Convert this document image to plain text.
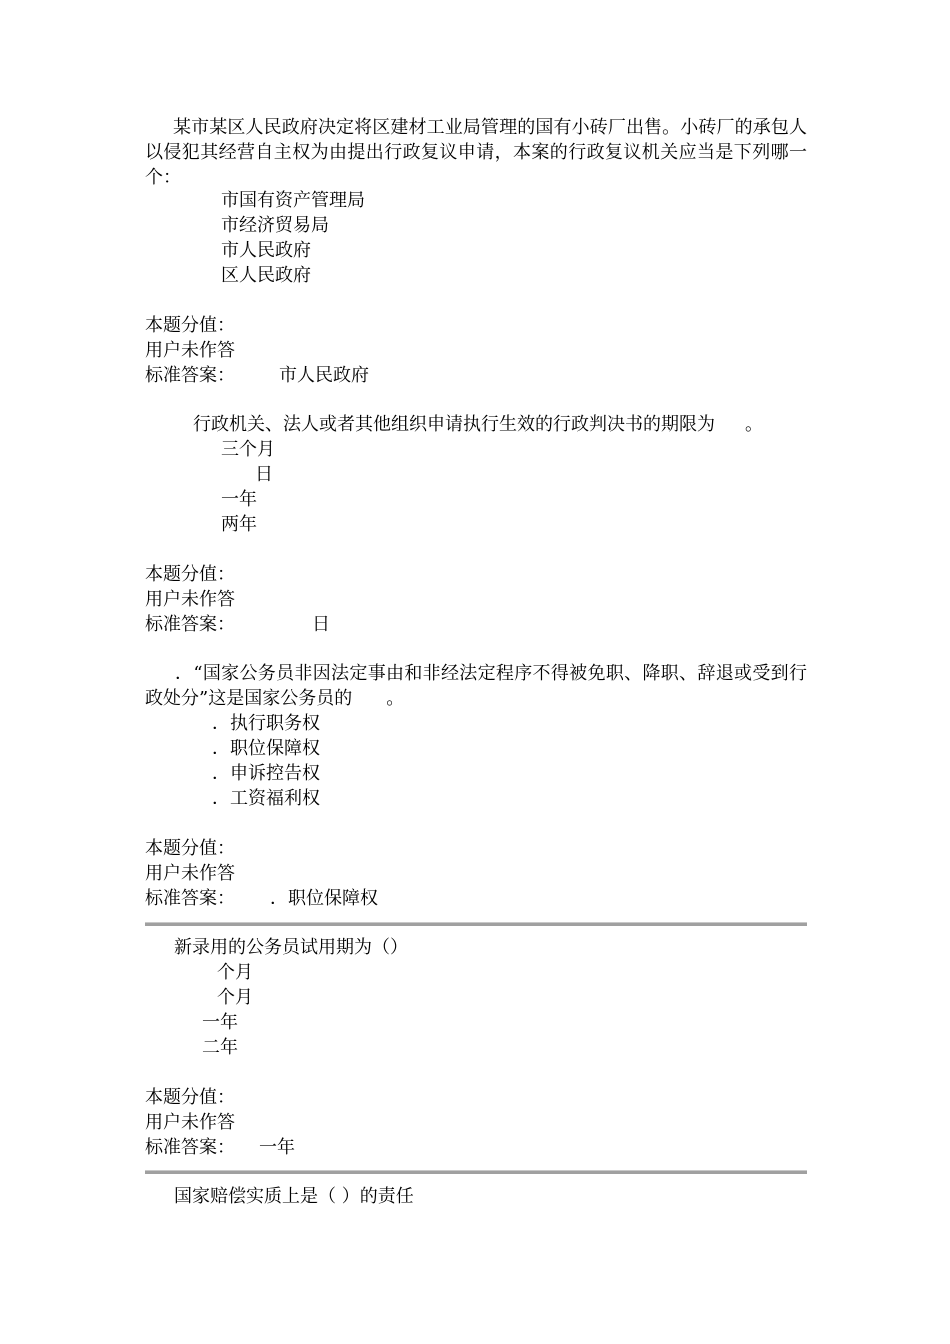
某市某区人民政府决定将区建材工业局管理的国有小砖厂出售。小砖厂的承包人以侵犯其经营自主权为由提出行政复议申请，本案的行政复议机关应当是下列哪一个：
市国有资产管理局
市经济贸易局
市人民政府
区人民政府
本题分值：
用户未作答
标准答案： 市人民政府
行政机关、法人或者其他组织申请执行生效的行政判决书的期限为 。
三个月
日
一年
两年
本题分值：
用户未作答
标准答案：	日
．“国家公务员非因法定事由和非经法定程序不得被免职、降职、辞退或受到行政处分”这是国家公务员的 。
．执行职务权
．职位保障权
．申诉控告权
．工资福利权
本题分值：
用户未作答
标准答案： ．职位保障权
新录用的公务员试用期为（）
个月
个月
一年
二年
本题分值：
用户未作答
标准答案： 一年
国家赔偿实质上是（ ）的责任
